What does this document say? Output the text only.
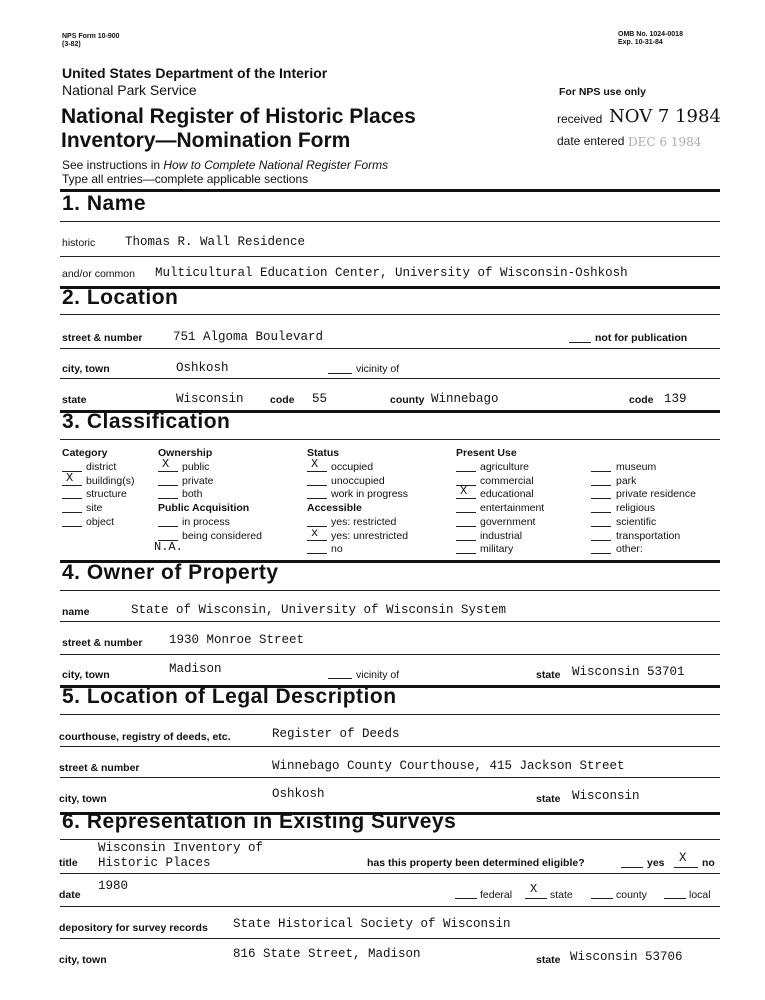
NPS Form 10-900
(3-82)
OMB No. 1024-0018
Exp. 10-31-84
United States Department of the Interior
National Park Service
National Register of Historic Places
Inventory—Nomination Form
See instructions in How to Complete National Register Forms
Type all entries—complete applicable sections
For NPS use only
received NOV 7 1984
date entered DEC 6 1984
1. Name
historic Thomas R. Wall Residence
and/or common Multicultural Education Center, University of Wisconsin-Oshkosh
2. Location
street & number 751 Algoma Boulevard	not for publication
city, town	Oshkosh	vicinity of
state	Wisconsin	code 55	county Winnebago	code 139
3. Classification
Category
district
X building(s)
structure
site
object
Ownership
X public
private
both
Public Acquisition
in process
being considered
N.A.
Status
X occupied
unoccupied
work in progress
Accessible
yes: restricted
x yes: unrestricted
no
Present Use
agriculture
commercial
X educational
entertainment
government
industrial
military
museum
park
private residence
religious
scientific
transportation
other:
4. Owner of Property
name	State of Wisconsin, University of Wisconsin System
street & number 1930 Monroe Street
city, town	Madison	vicinity of	state Wisconsin 53701
5. Location of Legal Description
courthouse, registry of deeds, etc.	Register of Deeds
street & number	Winnebago County Courthouse, 415 Jackson Street
city, town	Oshkosh	state Wisconsin
6. Representation in Existing Surveys
title
Wisconsin Inventory of
Historic Places	has this property been determined eligible?	yes X no
date
1980
federal X state	county	local
depository for survey records State Historical Society of Wisconsin
city, town	816 State Street, Madison	state Wisconsin 53706
